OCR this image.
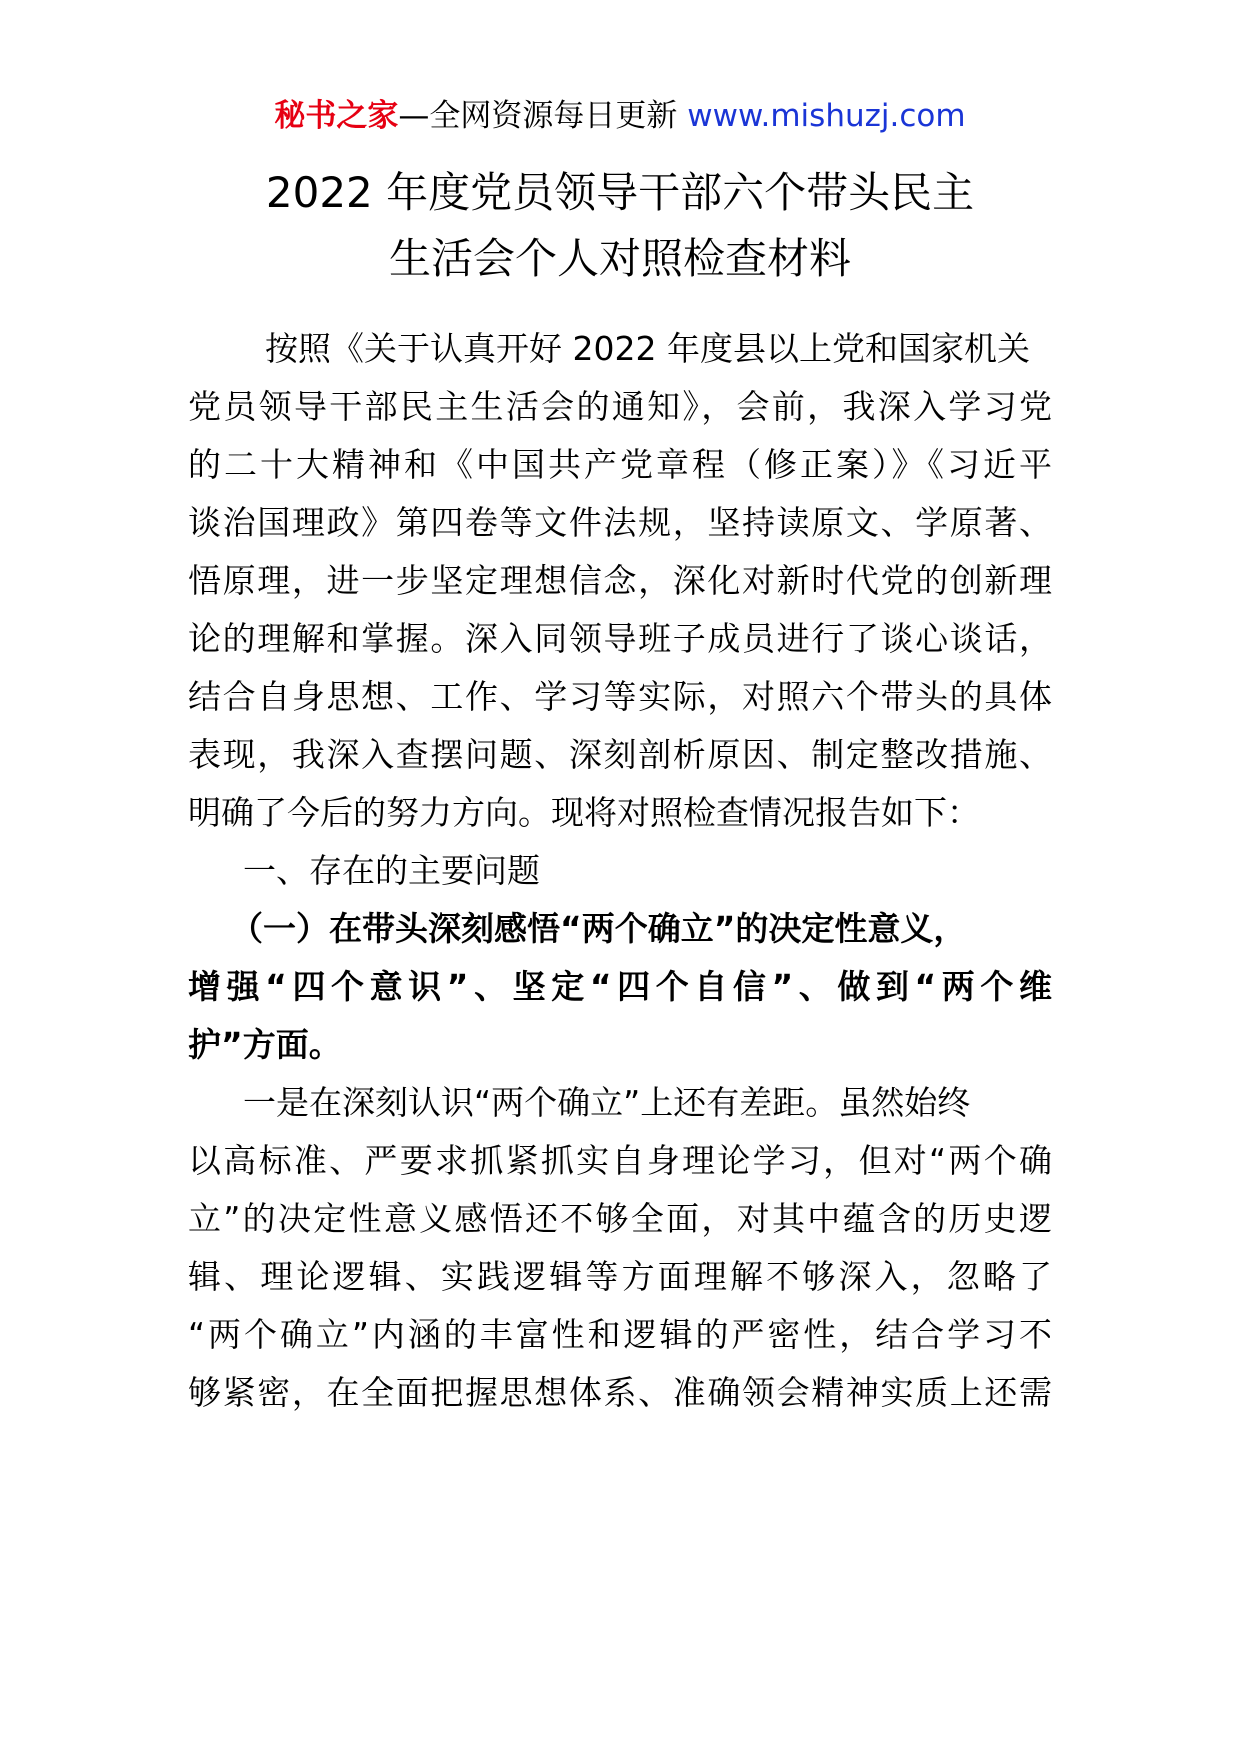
秘书之家—全网资源每日更新 www.mishuzj.com
2022 年度党员领导干部六个带头民主
生活会个人对照检查材料
　按照《关于认真开好 2022 年度县以上党和国家机关
党员领导干部民主生活会的通知》，会前，我深入学习党
的二十大精神和《中国共产党章程（修正案）》《习近平
谈治国理政》第四卷等文件法规，坚持读原文、学原著、
悟原理，进一步坚定理想信念，深化对新时代党的创新理
论的理解和掌握。深入同领导班子成员进行了谈心谈话，
结合自身思想、工作、学习等实际，对照六个带头的具体
表现，我深入查摆问题、深刻剖析原因、制定整改措施、
明确了今后的努力方向。现将对照检查情况报告如下：
　一、存在的主要问题
（一）在带头深刻感悟“两个确立”的决定性意义，
增强“四个意识”、坚定“四个自信”、做到“两个维
护”方面。
　一是在深刻认识“两个确立”上还有差距。虽然始终
以高标准、严要求抓紧抓实自身理论学习，但对“两个确
立”的决定性意义感悟还不够全面，对其中蕴含的历史逻
辑、理论逻辑、实践逻辑等方面理解不够深入，忽略了
“两个确立”内涵的丰富性和逻辑的严密性，结合学习不
够紧密，在全面把握思想体系、准确领会精神实质上还需
